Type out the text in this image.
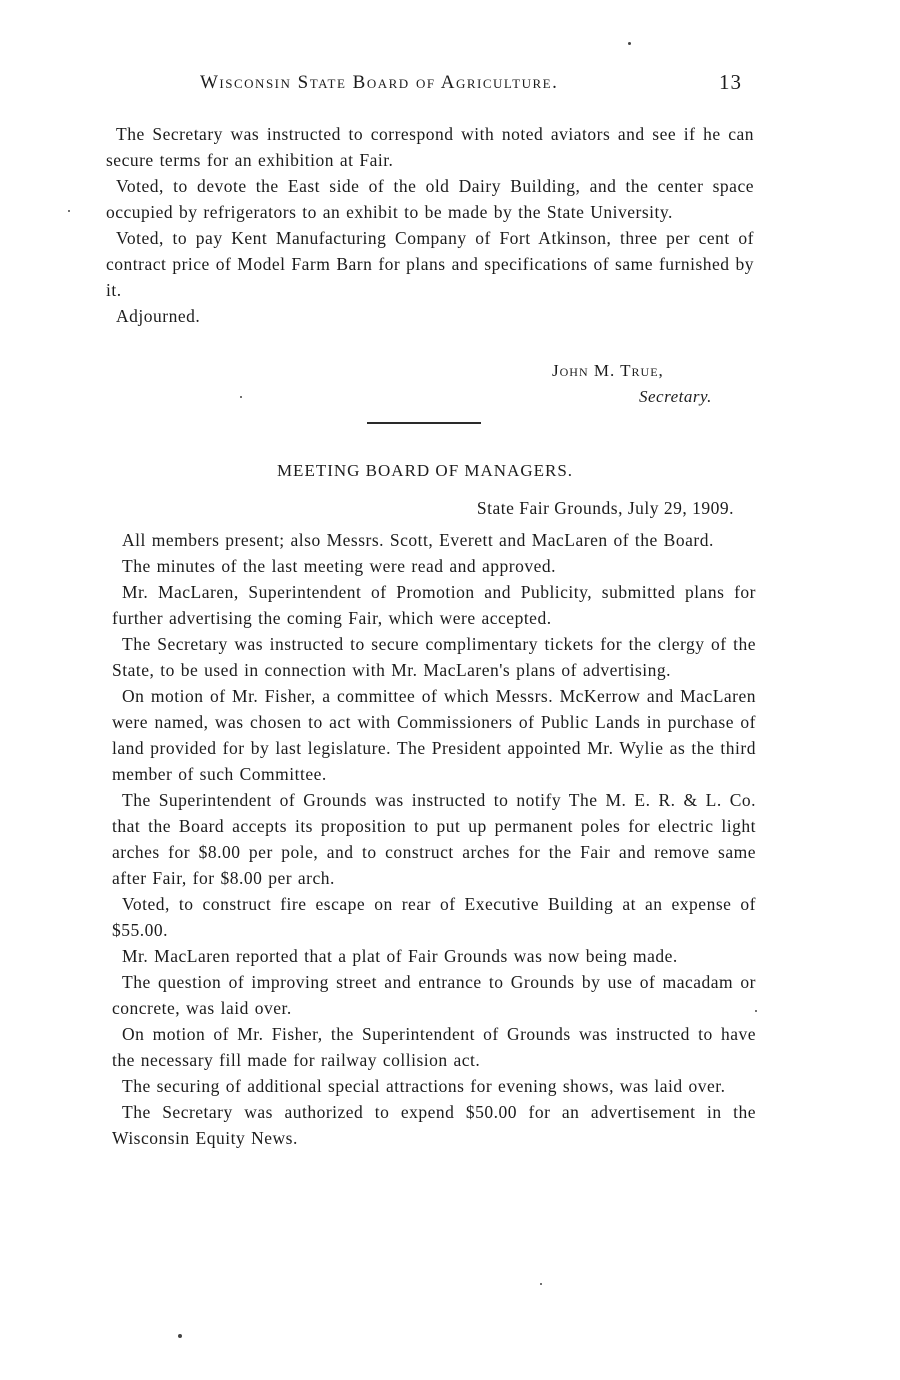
Wisconsin State Board of Agriculture.	13

The Secretary was instructed to correspond with noted aviators and see if he can secure terms for an exhibition at Fair.

Voted, to devote the East side of the old Dairy Building, and the center space occupied by refrigerators to an exhibit to be made by the State University.

Voted, to pay Kent Manufacturing Company of Fort Atkinson, three per cent of contract price of Model Farm Barn for plans and specifications of same furnished by it.

Adjourned.

John M. True,
Secretary.
MEETING BOARD OF MANAGERS.
State Fair Grounds, July 29, 1909.

All members present; also Messrs. Scott, Everett and MacLaren of the Board.

The minutes of the last meeting were read and approved.

Mr. MacLaren, Superintendent of Promotion and Publicity, submitted plans for further advertising the coming Fair, which were accepted.

The Secretary was instructed to secure complimentary tickets for the clergy of the State, to be used in connection with Mr. MacLaren's plans of advertising.

On motion of Mr. Fisher, a committee of which Messrs. McKerrow and MacLaren were named, was chosen to act with Commissioners of Public Lands in purchase of land provided for by last legislature. The President appointed Mr. Wylie as the third member of such Committee.

The Superintendent of Grounds was instructed to notify The M. E. R. & L. Co. that the Board accepts its proposition to put up permanent poles for electric light arches for $8.00 per pole, and to construct arches for the Fair and remove same after Fair, for $8.00 per arch.

Voted, to construct fire escape on rear of Executive Building at an expense of $55.00.

Mr. MacLaren reported that a plat of Fair Grounds was now being made.

The question of improving street and entrance to Grounds by use of macadam or concrete, was laid over.

On motion of Mr. Fisher, the Superintendent of Grounds was instructed to have the necessary fill made for railway collision act.

The securing of additional special attractions for evening shows, was laid over.

The Secretary was authorized to expend $50.00 for an advertisement in the Wisconsin Equity News.
